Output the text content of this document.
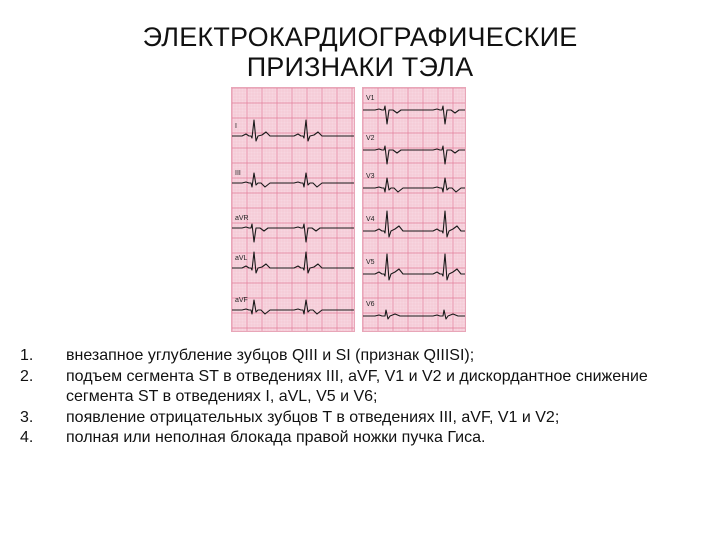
ЭЛЕКТРОКАРДИОГРАФИЧЕСКИЕ
ПРИЗНАКИ ТЭЛА
I
III
aVR
aVL
aVF
V1
V2
V3
V4
V5
V6
1. внезапное углубление зубцов QIII и SI (признак QIIISI);
2. подъем сегмента ST в отведениях III, aVF, V1 и V2 и дискордантное снижение сегмента ST в отведениях I, aVL, V5 и V6;
3. появление отрицательных зубцов T в отведениях III, aVF, V1 и V2;
4. полная или неполная блокада правой ножки пучка Гиса.
